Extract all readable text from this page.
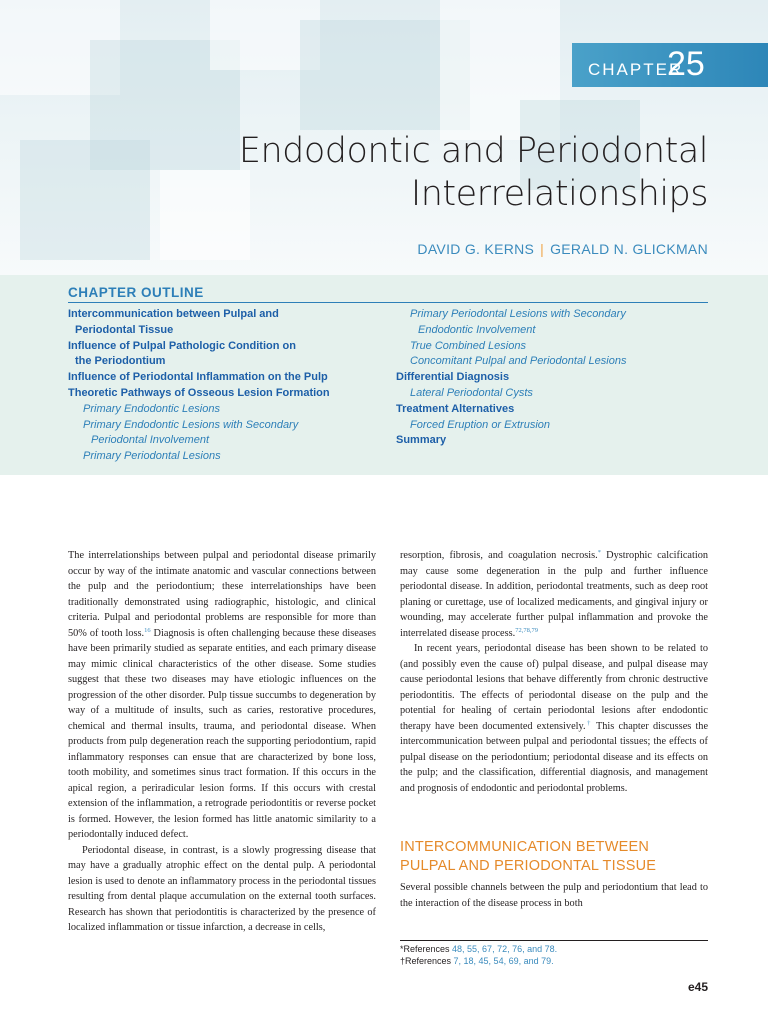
CHAPTER
25
Endodontic and Periodontal
Interrelationships
DAVID G. KERNS | GERALD N. GLICKMAN
CHAPTER OUTLINE
Intercommunication between Pulpal and
Periodontal Tissue
Influence of Pulpal Pathologic Condition on
the Periodontium
Influence of Periodontal Inflammation on the Pulp
Theoretic Pathways of Osseous Lesion Formation
Primary Endodontic Lesions
Primary Endodontic Lesions with Secondary
Periodontal Involvement
Primary Periodontal Lesions
Primary Periodontal Lesions with Secondary
Endodontic Involvement
True Combined Lesions
Concomitant Pulpal and Periodontal Lesions
Differential Diagnosis
Lateral Periodontal Cysts
Treatment Alternatives
Forced Eruption or Extrusion
Summary

The interrelationships between pulpal and periodontal disease primarily occur by way of the intimate anatomic and vascular connections between the pulp and the periodontium; these interrelationships have been traditionally demonstrated using radiographic, histologic, and clinical criteria. Pulpal and periodontal problems are responsible for more than 50% of tooth loss.$^{16}$ Diagnosis is often challenging because these diseases have been primarily studied as separate entities, and each primary disease may mimic clinical characteristics of the other disease. Some studies suggest that these two diseases may have etiologic influences on the progression of the other disorder. Pulp tissue succumbs to degeneration by way of a multitude of insults, such as caries, restorative procedures, chemical and thermal insults, trauma, and periodontal disease. When products from pulp degeneration reach the supporting periodontium, rapid inflammatory responses can ensue that are characterized by bone loss, tooth mobility, and sometimes sinus tract formation. If this occurs in the apical region, a periradicular lesion forms. If this occurs with crestal extension of the inflammation, a retrograde periodontitis or reverse pocket is formed. However, the lesion formed has little anatomic similarity to a periodontally induced defect.

Periodontal disease, in contrast, is a slowly progressing disease that may have a gradually atrophic effect on the dental pulp. A periodontal lesion is used to denote an inflammatory process in the periodontal tissues resulting from dental plaque accumulation on the external tooth surfaces. Research has shown that periodontitis is characterized by the presence of localized inflammation or tissue infarction, a decrease in cells,

resorption, fibrosis, and coagulation necrosis.* Dystrophic calcification may cause some degeneration in the pulp and further influence periodontal disease. In addition, periodontal treatments, such as deep root planing or curettage, use of localized medicaments, and gingival injury or wounding, may accelerate further pulpal inflammation and provoke the interrelated disease process.$^{72,78,79}$

In recent years, periodontal disease has been shown to be related to (and possibly even the cause of) pulpal disease, and pulpal disease may cause periodontal lesions that behave differently from chronic destructive periodontitis. The effects of periodontal disease on the pulp and the potential for healing of certain periodontal lesions after endodontic therapy have been documented extensively.† This chapter discusses the intercommunication between pulpal and periodontal tissues; the effects of pulpal disease on the periodontium; periodontal disease and its effects on the pulp; and the classification, differential diagnosis, and management and prognosis of endodontic and periodontal problems.

INTERCOMMUNICATION BETWEEN
PULPAL AND PERIODONTAL TISSUE

Several possible channels between the pulp and periodontium that lead to the interaction of the disease process in both

*References 48, 55, 67, 72, 76, and 78.
†References 7, 18, 45, 54, 69, and 79.
e45
